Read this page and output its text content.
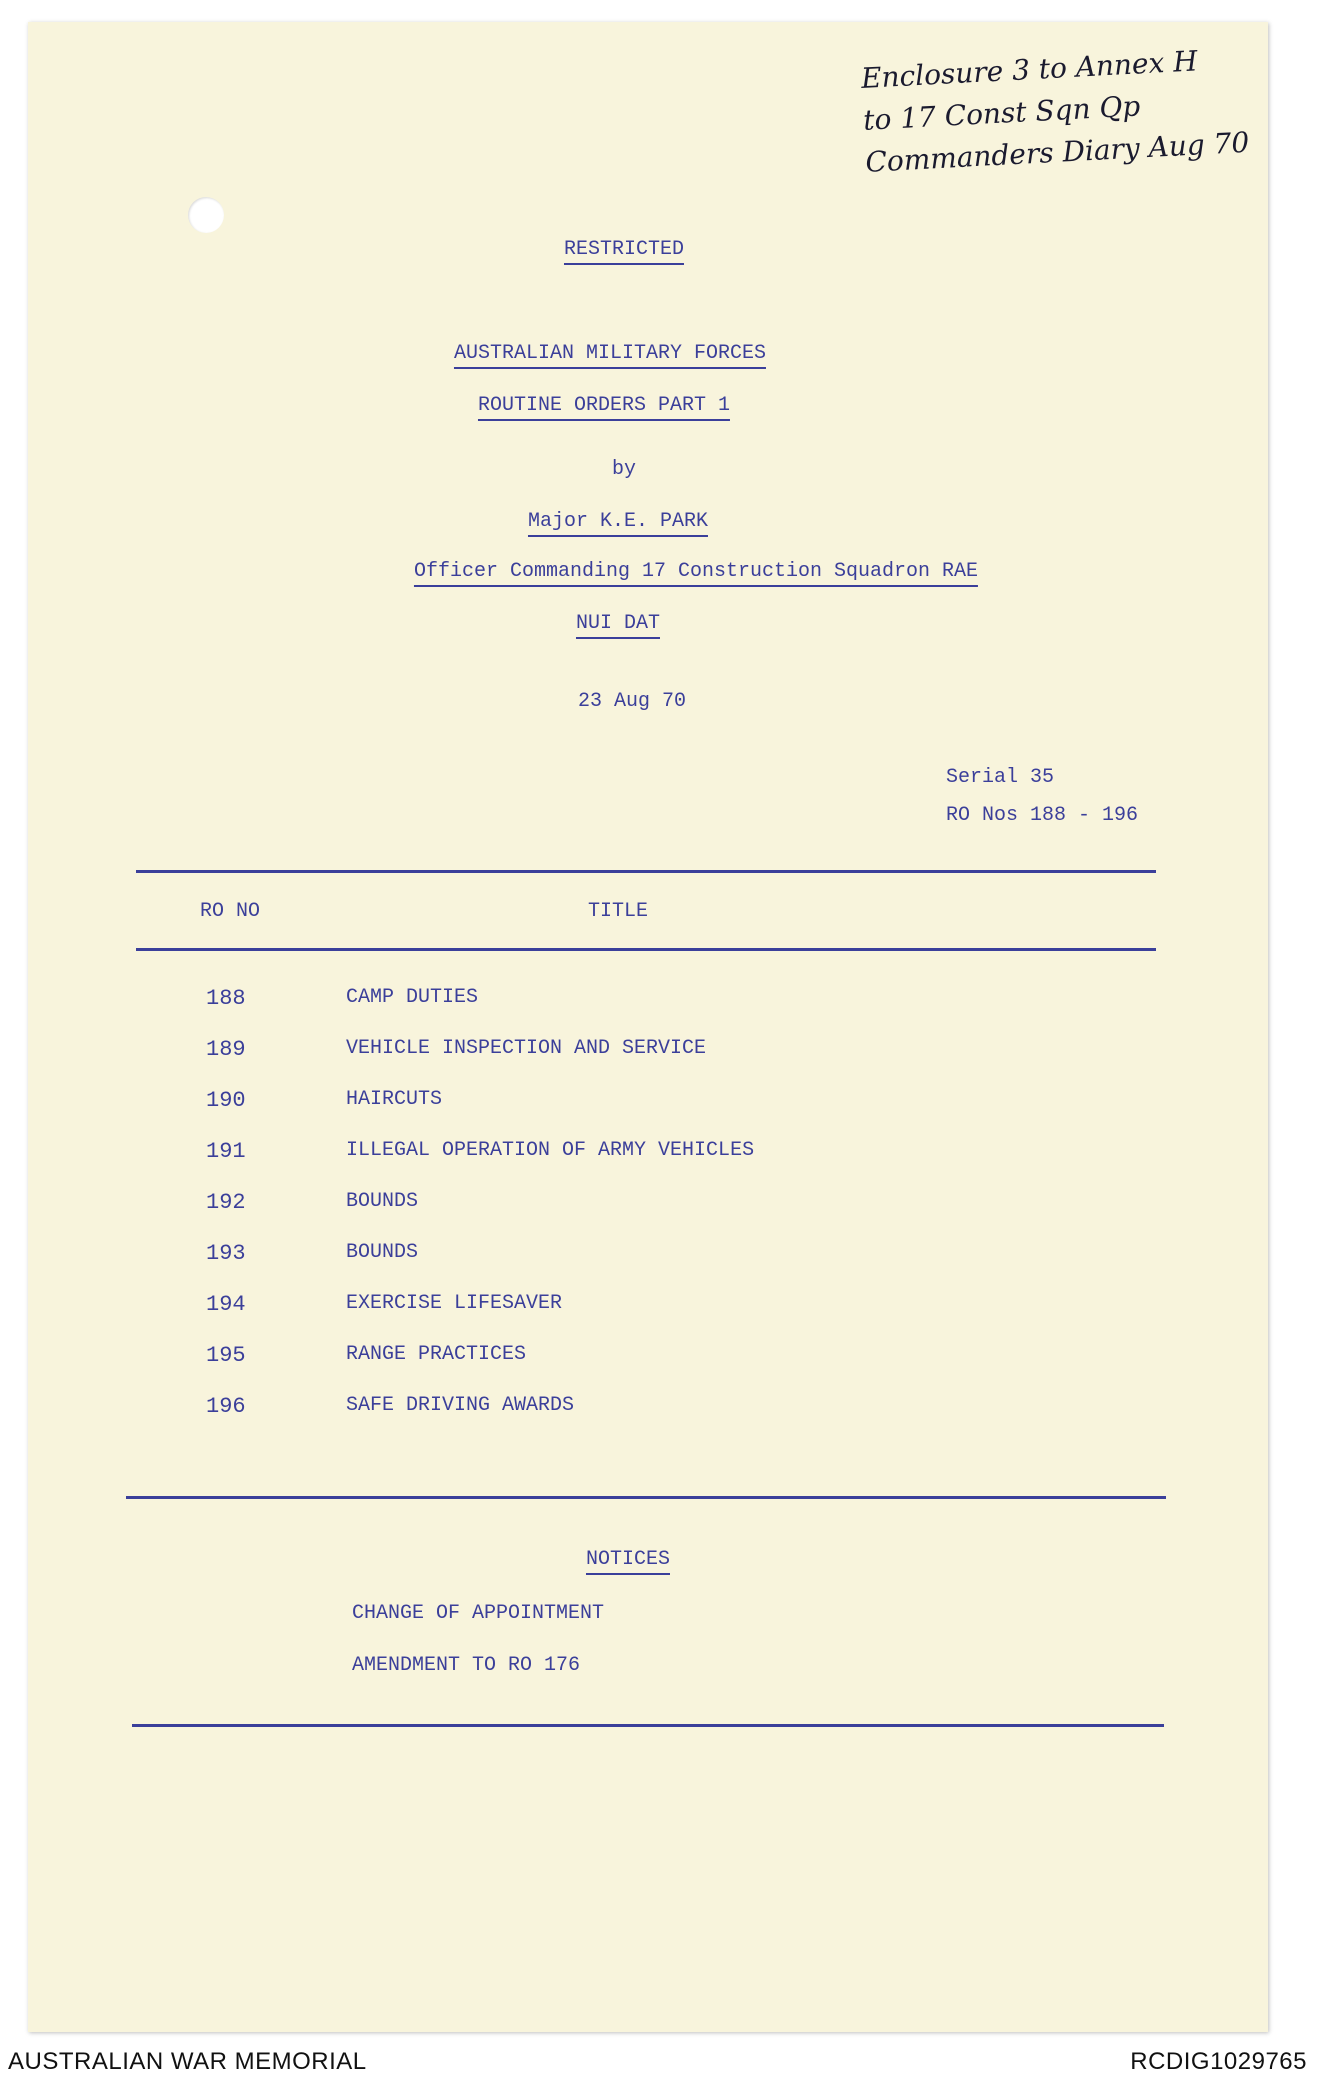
Enclosure 3 to Annex H
to 17 Const Sqn Qp
Commanders Diary Aug 70
RESTRICTED
AUSTRALIAN MILITARY FORCES
ROUTINE ORDERS PART 1
by
Major K.E. PARK
Officer Commanding 17 Construction Squadron RAE
NUI DAT
23 Aug 70
Serial 35
RO Nos 188 - 196
RO NO	TITLE
188	CAMP DUTIES
189	VEHICLE INSPECTION AND SERVICE
190	HAIRCUTS
191	ILLEGAL OPERATION OF ARMY VEHICLES
192	BOUNDS
193	BOUNDS
194	EXERCISE LIFESAVER
195	RANGE PRACTICES
196	SAFE DRIVING AWARDS
NOTICES
CHANGE OF APPOINTMENT
AMENDMENT TO RO 176
AUSTRALIAN WAR MEMORIAL	RCDIG1029765
